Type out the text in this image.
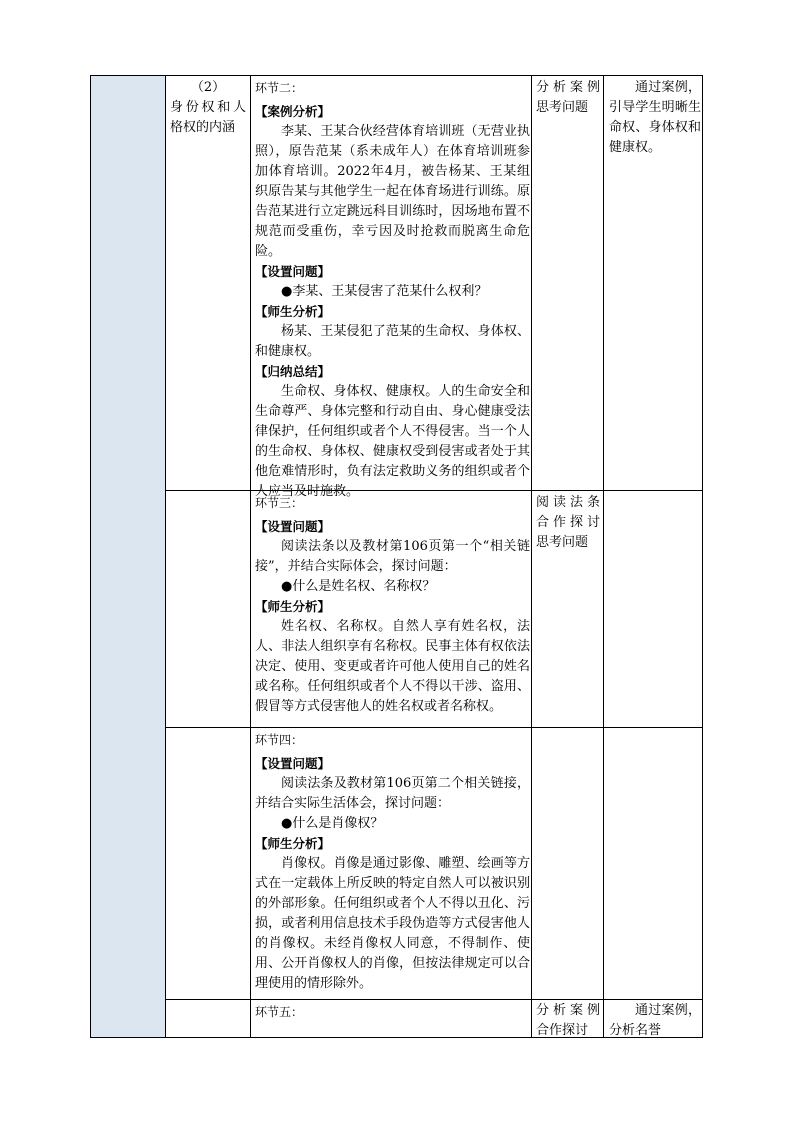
（2）

身份权和人格权的内涵

环节二：

【案例分析】

李某、王某合伙经营体育培训班（无营业执照），原告范某（系未成年人）在体育培训班参加体育培训。2022年4月，被告杨某、王某组织原告某与其他学生一起在体育场进行训练。原告范某进行立定跳远科目训练时，因场地布置不规范而受重伤，幸亏因及时抢救而脱离生命危险。

【设置问题】

●李某、王某侵害了范某什么权利？

【师生分析】

杨某、王某侵犯了范某的生命权、身体权、和健康权。

【归纳总结】

生命权、身体权、健康权。人的生命安全和生命尊严、身体完整和行动自由、身心健康受法律保护，任何组织或者个人不得侵害。当一个人的生命权、身体权、健康权受到侵害或者处于其他危难情形时，负有法定救助义务的组织或者个人应当及时施救。

分析案例思考问题

通过案例，引导学生明晰生命权、身体权和健康权。

环节三：

【设置问题】

阅读法条以及教材第106页第一个“相关链接”，并结合实际体会，探讨问题：

●什么是姓名权、名称权？

【师生分析】

姓名权、名称权。自然人享有姓名权，法人、非法人组织享有名称权。民事主体有权依法决定、使用、变更或者许可他人使用自己的姓名或名称。任何组织或者个人不得以干涉、盗用、假冒等方式侵害他人的姓名权或者名称权。

阅读法条合作探讨思考问题

环节四：

【设置问题】

阅读法条及教材第106页第二个相关链接，并结合实际生活体会，探讨问题：

●什么是肖像权？

【师生分析】

肖像权。肖像是通过影像、雕塑、绘画等方式在一定载体上所反映的特定自然人可以被识别的外部形象。任何组织或者个人不得以丑化、污损，或者利用信息技术手段伪造等方式侵害他人的肖像权。未经肖像权人同意，不得制作、使用、公开肖像权人的肖像，但按法律规定可以合理使用的情形除外。

环节五：	分析案例合作探讨

通过案例，分析名誉
